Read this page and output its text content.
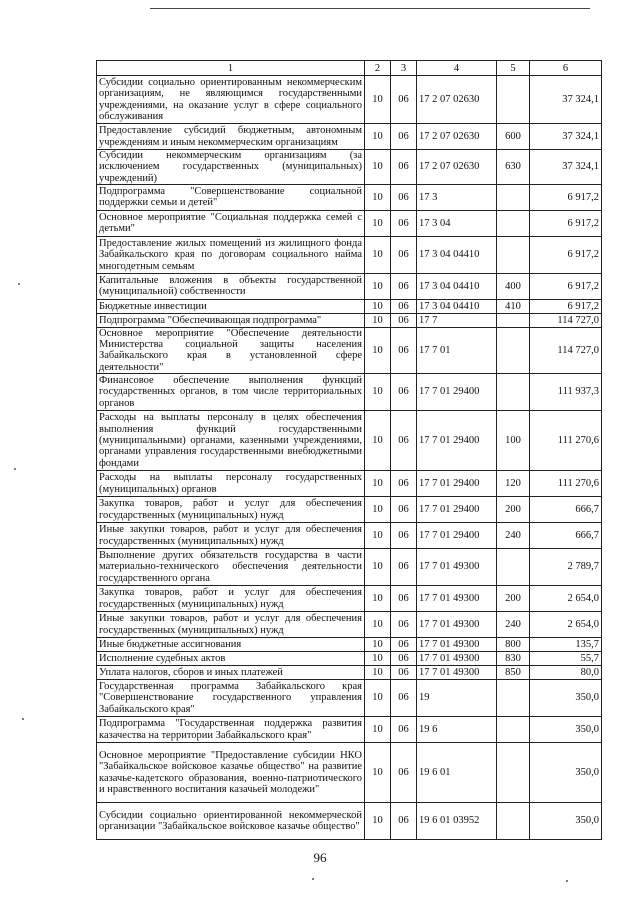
1	2	3	4	5	6
Субсидии социально ориентированным некоммерческим организациям, не являющимся государственными учреждениями, на оказание услуг в сфере социального обслуживания	10	06	17 2 07 02630		37 324,1
Предоставление субсидий бюджетным, автономным учреждениям и иным некоммерческим организациям	10	06	17 2 07 02630	600	37 324,1
Субсидии некоммерческим организациям (за исключением государственных (муниципальных) учреждений)	10	06	17 2 07 02630	630	37 324,1
Подпрограмма "Совершенствование социальной поддержки семьи и детей"	10	06	17 3		6 917,2
Основное мероприятие "Социальная поддержка семей с детьми"	10	06	17 3 04		6 917,2
Предоставление жилых помещений из жилищного фонда Забайкальского края по договорам социального найма многодетным семьям	10	06	17 3 04 04410		6 917,2
Капитальные вложения в объекты государственной (муниципальной) собственности	10	06	17 3 04 04410	400	6 917,2
Бюджетные инвестиции	10	06	17 3 04 04410	410	6 917,2
Подпрограмма "Обеспечивающая подпрограмма"	10	06	17 7		114 727,0
Основное мероприятие "Обеспечение деятельности Министерства социальной защиты населения Забайкальского края в установленной сфере деятельности"	10	06	17 7 01		114 727,0
Финансовое обеспечение выполнения функций государственных органов, в том числе территориальных органов	10	06	17 7 01 29400		111 937,3
Расходы на выплаты персоналу в целях обеспечения выполнения функций государственными (муниципальными) органами, казенными учреждениями, органами управления государственными внебюджетными фондами	10	06	17 7 01 29400	100	111 270,6
Расходы на выплаты персоналу государственных (муниципальных) органов	10	06	17 7 01 29400	120	111 270,6
Закупка товаров, работ и услуг для обеспечения государственных (муниципальных) нужд	10	06	17 7 01 29400	200	666,7
Иные закупки товаров, работ и услуг для обеспечения государственных (муниципальных) нужд	10	06	17 7 01 29400	240	666,7
Выполнение других обязательств государства в части материально-технического обеспечения деятельности государственного органа	10	06	17 7 01 49300		2 789,7
Закупка товаров, работ и услуг для обеспечения государственных (муниципальных) нужд	10	06	17 7 01 49300	200	2 654,0
Иные закупки товаров, работ и услуг для обеспечения государственных (муниципальных) нужд	10	06	17 7 01 49300	240	2 654,0
Иные бюджетные ассигнования	10	06	17 7 01 49300	800	135,7
Исполнение судебных актов	10	06	17 7 01 49300	830	55,7
Уплата налогов, сборов и иных платежей	10	06	17 7 01 49300	850	80,0
Государственная программа Забайкальского края "Совершенствование государственного управления Забайкальского края"	10	06	19		350,0
Подпрограмма "Государственная поддержка развития казачества на территории Забайкальского края"	10	06	19 6		350,0
Основное мероприятие "Предоставление субсидии НКО "Забайкальское войсковое казачье общество" на развитие казачье-кадетского образования, военно-патриотического и нравственного воспитания казачьей молодежи"	10	06	19 6 01		350,0
Субсидии социально ориентированной некоммерческой организации "Забайкальское войсковое казачье общество"	10	06	19 6 01 03952		350,0
96
